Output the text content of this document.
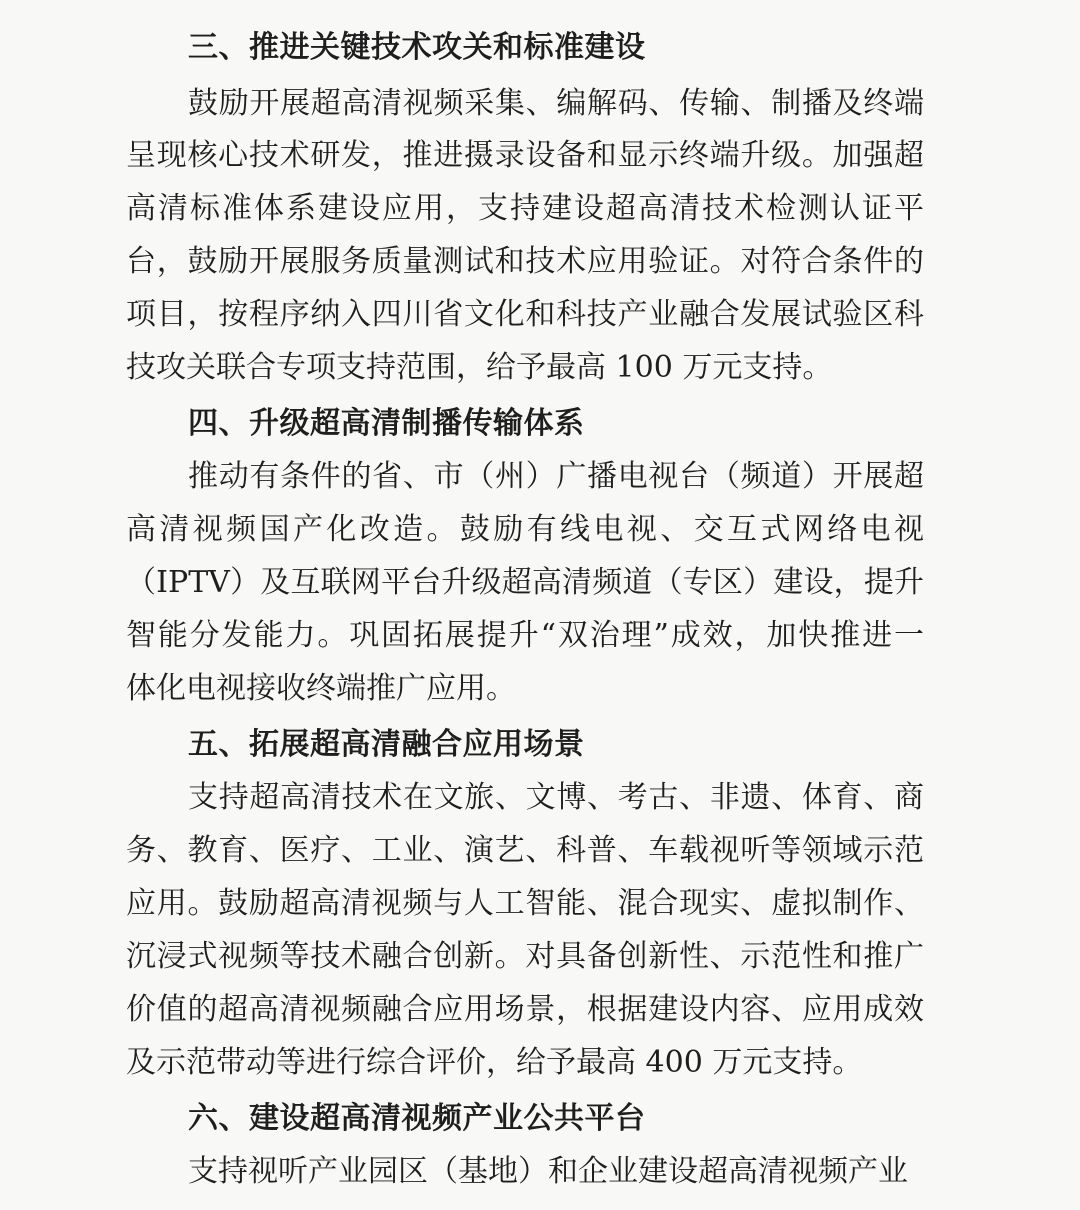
三、推进关键技术攻关和标准建设
鼓励开展超高清视频采集、编解码、传输、制播及终端
呈现核心技术研发，推进摄录设备和显示终端升级。加强超
高清标准体系建设应用，支持建设超高清技术检测认证平
台，鼓励开展服务质量测试和技术应用验证。对符合条件的
项目，按程序纳入四川省文化和科技产业融合发展试验区科
技攻关联合专项支持范围，给予最高 100 万元支持。
四、升级超高清制播传输体系
推动有条件的省、市（州）广播电视台（频道）开展超
高清视频国产化改造。鼓励有线电视、交互式网络电视
（IPTV）及互联网平台升级超高清频道（专区）建设，提升
智能分发能力。巩固拓展提升“双治理”成效，加快推进一
体化电视接收终端推广应用。
五、拓展超高清融合应用场景
支持超高清技术在文旅、文博、考古、非遗、体育、商
务、教育、医疗、工业、演艺、科普、车载视听等领域示范
应用。鼓励超高清视频与人工智能、混合现实、虚拟制作、
沉浸式视频等技术融合创新。对具备创新性、示范性和推广
价值的超高清视频融合应用场景，根据建设内容、应用成效
及示范带动等进行综合评价，给予最高 400 万元支持。
六、建设超高清视频产业公共平台
支持视听产业园区（基地）和企业建设超高清视频产业
